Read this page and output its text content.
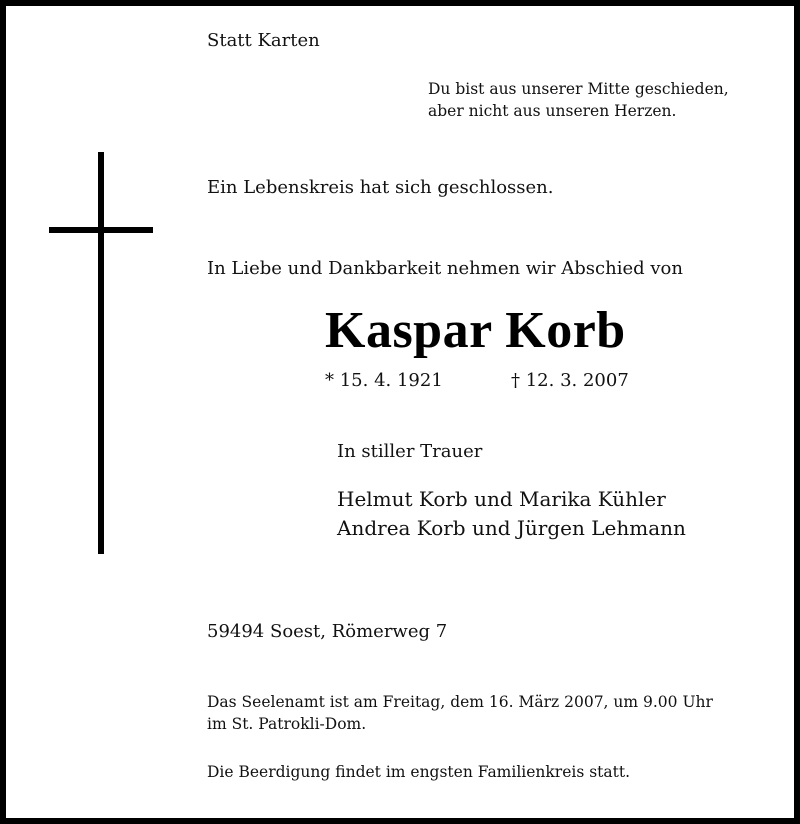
Statt Karten
Du bist aus unserer Mitte geschieden,
aber nicht aus unseren Herzen.
Ein Lebenskreis hat sich geschlossen.
In Liebe und Dankbarkeit nehmen wir Abschied von
Kaspar Korb
* 15. 4. 1921	† 12. 3. 2007
In stiller Trauer
Helmut Korb und Marika Kühler
Andrea Korb und Jürgen Lehmann
59494 Soest, Römerweg 7
Das Seelenamt ist am Freitag, dem 16. März 2007, um 9.00 Uhr
im St. Patrokli-Dom.
Die Beerdigung findet im engsten Familienkreis statt.
